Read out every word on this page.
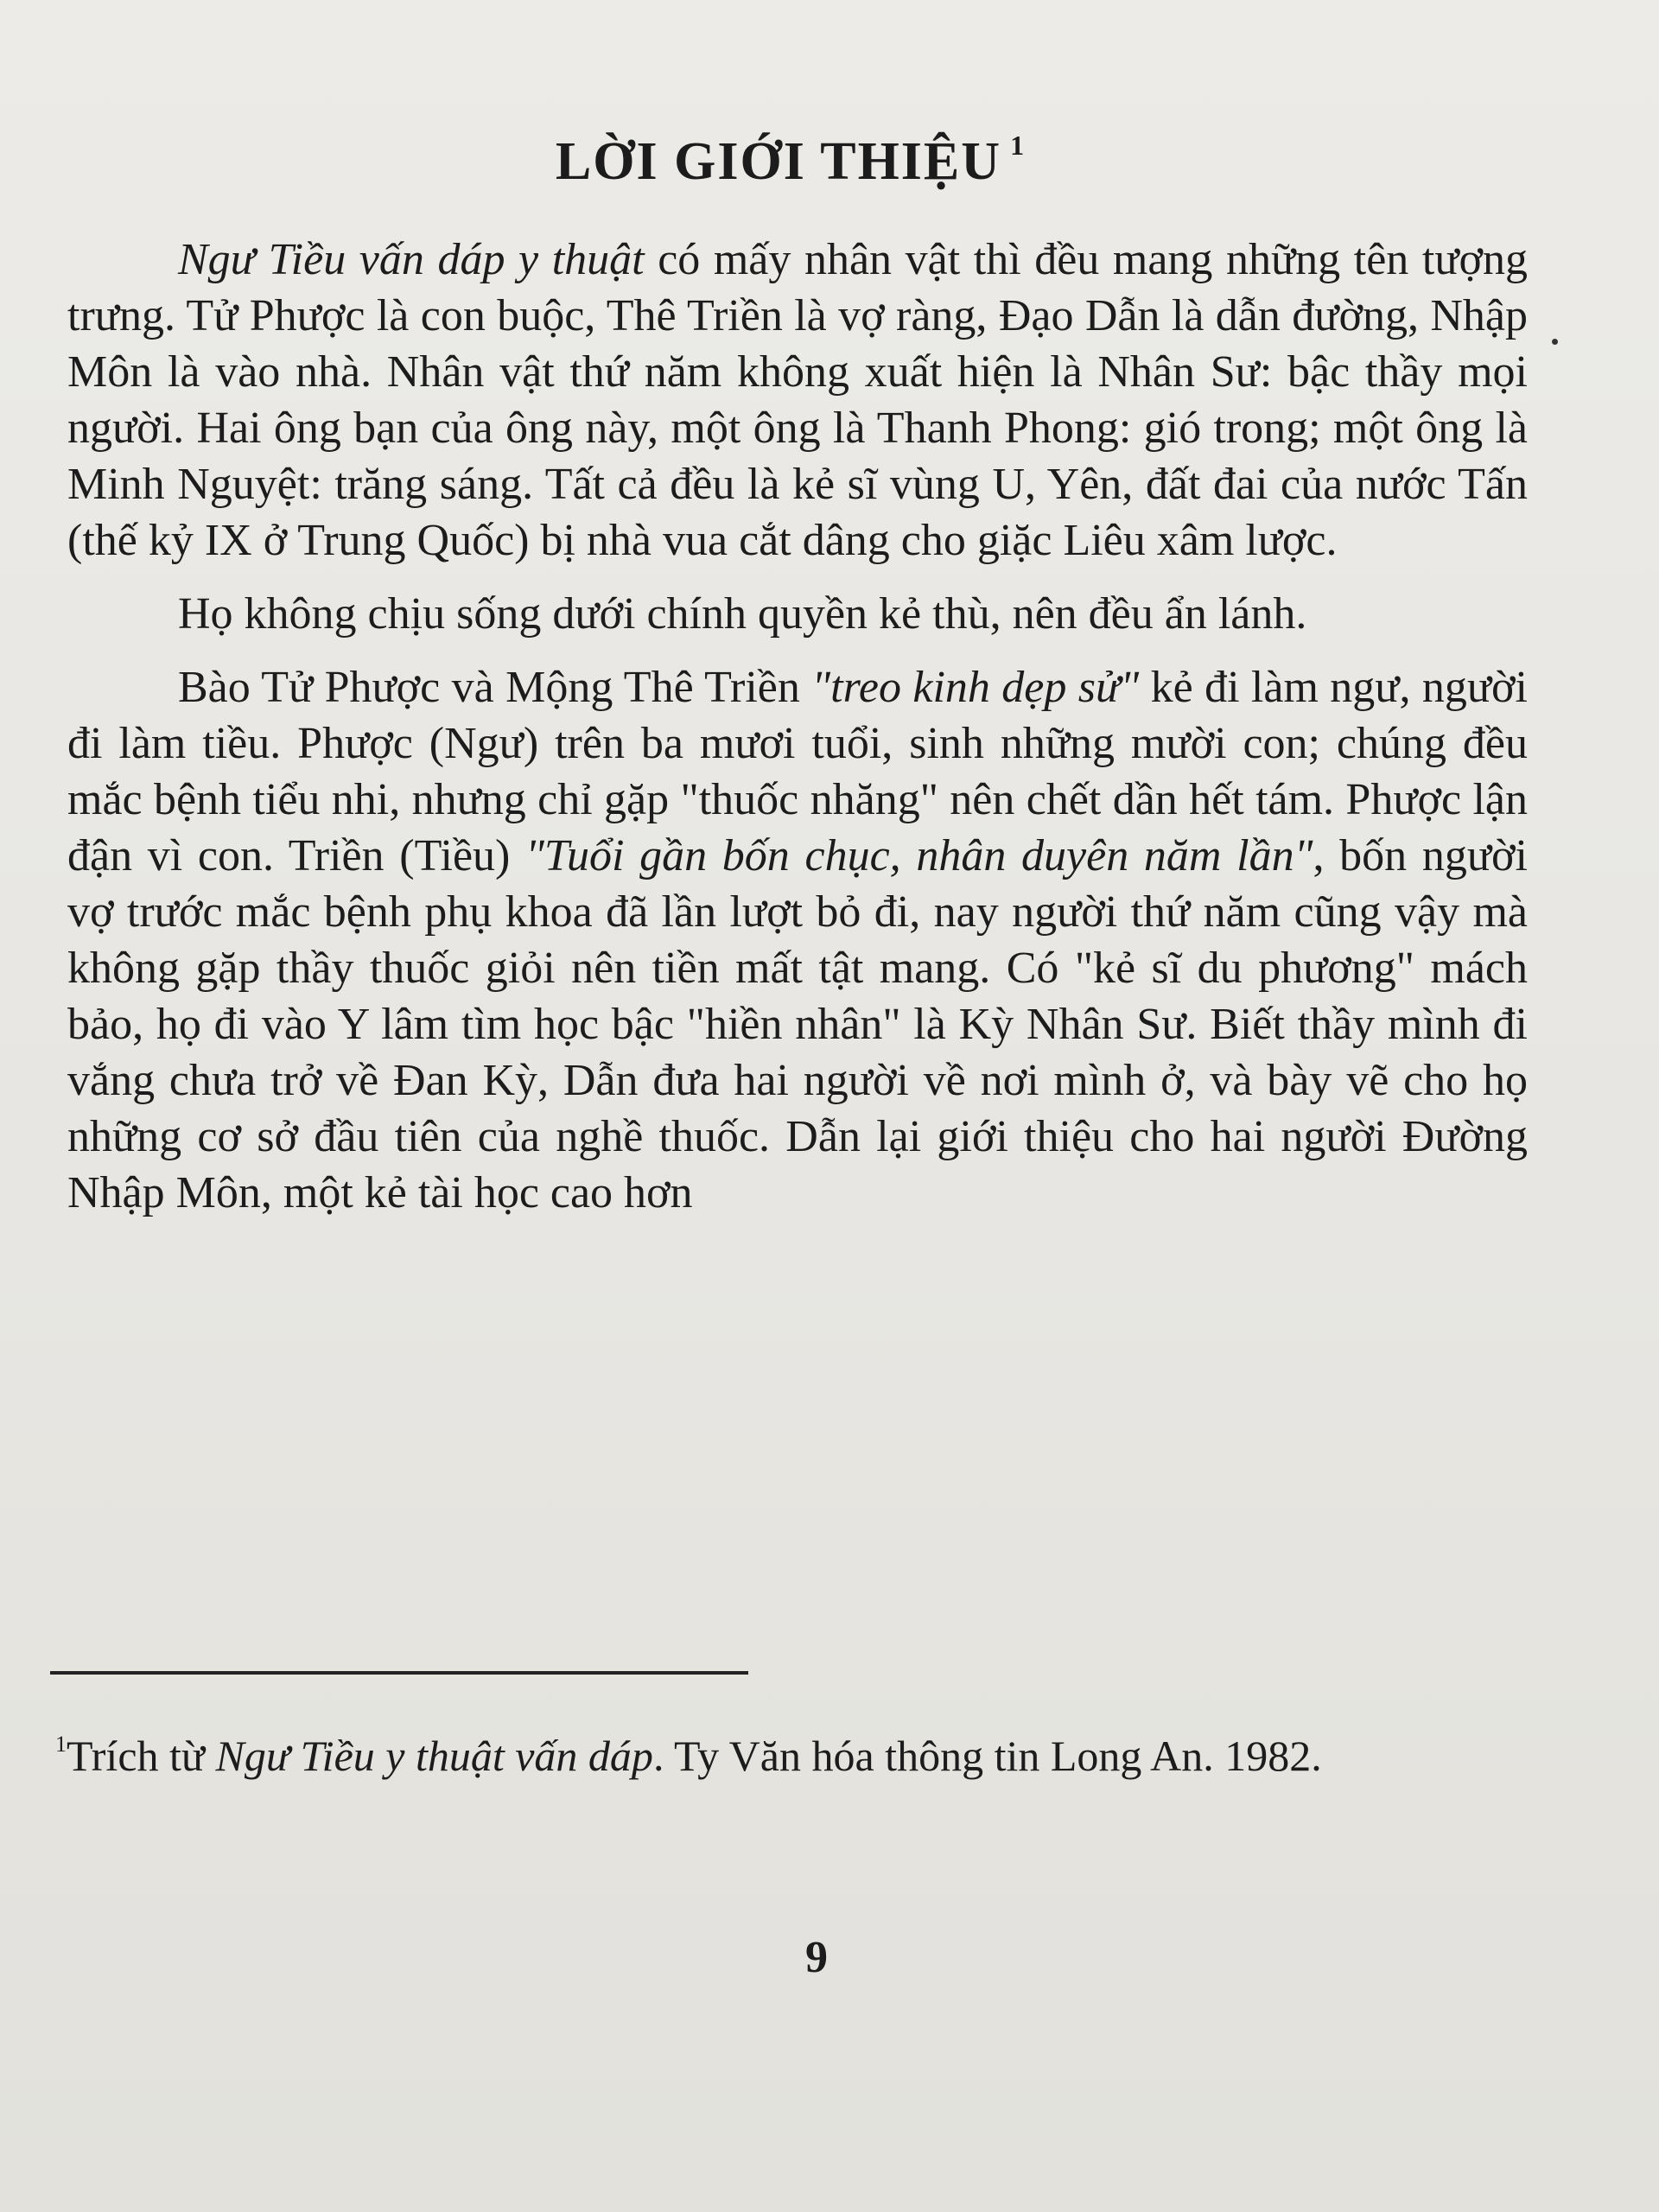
LỜI GIỚI THIỆU $^1$

Ngư Tiều vấn dáp y thuật có mấy nhân vật thì đều mang những tên tượng trưng. Tử Phược là con buộc, Thê Triền là vợ ràng, Đạo Dẫn là dẫn đường, Nhập Môn là vào nhà. Nhân vật thứ năm không xuất hiện là Nhân Sư: bậc thầy mọi người. Hai ông bạn của ông này, một ông là Thanh Phong: gió trong; một ông là Minh Nguyệt: trăng sáng. Tất cả đều là kẻ sĩ vùng U, Yên, đất đai của nước Tấn (thế kỷ IX ở Trung Quốc) bị nhà vua cắt dâng cho giặc Liêu xâm lược.

Họ không chịu sống dưới chính quyền kẻ thù, nên đều ẩn lánh.

Bào Tử Phược và Mộng Thê Triền "treo kinh dẹp sử" kẻ đi làm ngư, người đi làm tiều. Phược (Ngư) trên ba mươi tuổi, sinh những mười con; chúng đều mắc bệnh tiểu nhi, nhưng chỉ gặp "thuốc nhăng" nên chết dần hết tám. Phược lận đận vì con. Triền (Tiều) "Tuổi gần bốn chục, nhân duyên năm lần", bốn người vợ trước mắc bệnh phụ khoa đã lần lượt bỏ đi, nay người thứ năm cũng vậy mà không gặp thầy thuốc giỏi nên tiền mất tật mang. Có "kẻ sĩ du phương" mách bảo, họ đi vào Y lâm tìm học bậc "hiền nhân" là Kỳ Nhân Sư. Biết thầy mình đi vắng chưa trở về Đan Kỳ, Dẫn đưa hai người về nơi mình ở, và bày vẽ cho họ những cơ sở đầu tiên của nghề thuốc. Dẫn lại giới thiệu cho hai người Đường Nhập Môn, một kẻ tài học cao hơn

$^1$Trích từ Ngư Tiều y thuật vấn dáp. Ty Văn hóa thông tin Long An. 1982.
9
